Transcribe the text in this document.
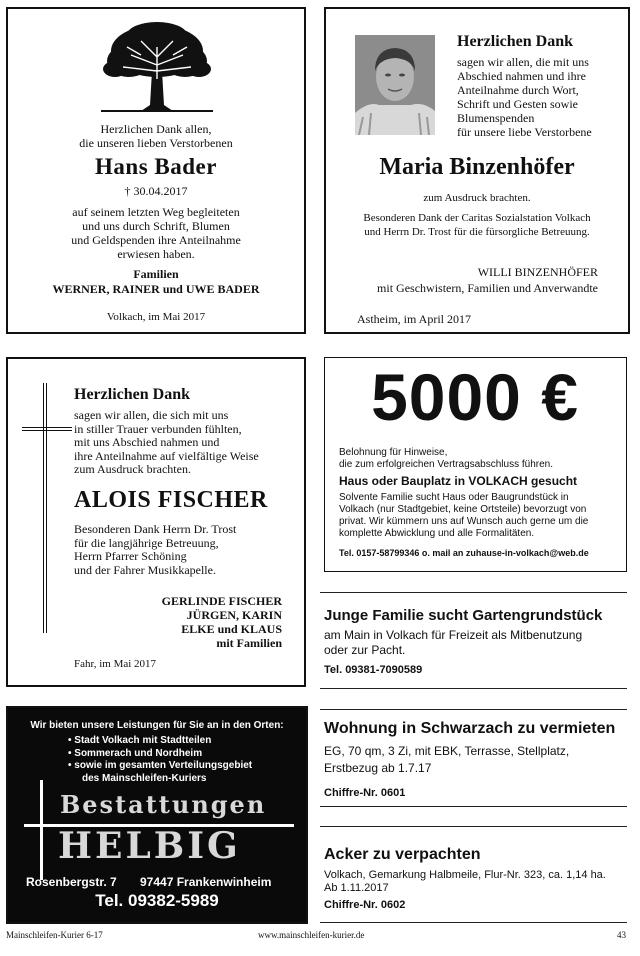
Herzlichen Dank allen,
die unseren lieben Verstorbenen
Hans Bader
† 30.04.2017
auf seinem letzten Weg begleiteten
und uns durch Schrift, Blumen
und Geldspenden ihre Anteilnahme
erwiesen haben.
Familien
WERNER, RAINER und UWE BADER
Volkach, im Mai 2017
Herzlichen Dank
sagen wir allen, die mit uns
Abschied nahmen und ihre
Anteilnahme durch Wort,
Schrift und Gesten sowie
Blumenspenden
für unsere liebe Verstorbene
Maria Binzenhöfer
zum Ausdruck brachten.
Besonderen Dank der Caritas Sozialstation Volkach
und Herrn Dr. Trost für die fürsorgliche Betreuung.
WILLI BINZENHÖFER
mit Geschwistern, Familien und Anverwandte
Astheim, im April 2017
Herzlichen Dank
sagen wir allen, die sich mit uns
in stiller Trauer verbunden fühlten,
mit uns Abschied nahmen und
ihre Anteilnahme auf vielfältige Weise
zum Ausdruck brachten.
ALOIS FISCHER
Besonderen Dank Herrn Dr. Trost
für die langjährige Betreuung,
Herrn Pfarrer Schöning
und der Fahrer Musikkapelle.
GERLINDE FISCHER
JÜRGEN, KARIN
ELKE und KLAUS
mit Familien
Fahr, im Mai 2017
5000 €
Belohnung für Hinweise,
die zum erfolgreichen Vertragsabschluss führen.
Haus oder Bauplatz in VOLKACH gesucht
Solvente Familie sucht Haus oder Baugrundstück in
Volkach (nur Stadtgebiet, keine Ortsteile) bevorzugt von
privat. Wir kümmern uns auf Wunsch auch gerne um die
komplette Abwicklung und alle Formalitäten.
Tel. 0157-58799346 o. mail an zuhause-in-volkach@web.de
Junge Familie sucht Gartengrundstück
am Main in Volkach für Freizeit als Mitbenutzung
oder zur Pacht.
Tel. 09381-7090589
Wohnung in Schwarzach zu vermieten
EG, 70 qm, 3 Zi, mit EBK, Terrasse, Stellplatz,
Erstbezug ab 1.7.17
Chiffre-Nr. 0601
Acker zu verpachten
Volkach, Gemarkung Halbmeile, Flur-Nr. 323, ca. 1,14 ha.
Ab 1.11.2017
Chiffre-Nr. 0602
Wir bieten unsere Leistungen für Sie an in den Orten:
• Stadt Volkach mit Stadtteilen
• Sommerach und Nordheim
• sowie im gesamten Verteilungsgebiet
des Mainschleifen-Kuriers
Bestattungen
HELBIG
Rosenbergstr. 7 97447 Frankenwinheim
Tel. 09382-5989
Mainschleifen-Kurier 6-17	www.mainschleifen-kurier.de	43
